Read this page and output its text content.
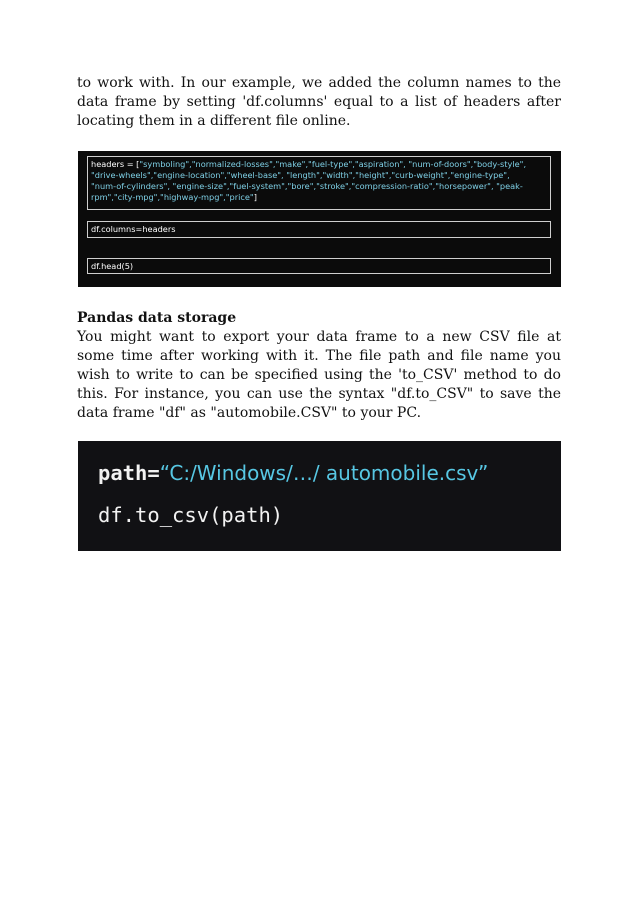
to work with. In our example, we added the column names to the data frame by setting 'df.columns' equal to a list of headers after locating them in a different file online.

headers = ["symboling","normalized-losses","make","fuel-type","aspiration", "num-of-doors","body-style",
"drive-wheels","engine-location","wheel-base", "length","width","height","curb-weight","engine-type",
"num-of-cylinders", "engine-size","fuel-system","bore","stroke","compression-ratio","horsepower", "peak-
rpm","city-mpg","highway-mpg","price"]
df.columns=headers
df.head(5)

Pandas data storage

You might want to export your data frame to a new CSV file at some time after working with it. The file path and file name you wish to write to can be specified using the 'to_CSV' method to do this. For instance, you can use the syntax "df.to_CSV" to save the data frame "df" as "automobile.CSV" to your PC.

path=“C:/Windows/…/ automobile.csv”
df.to_csv(path)
